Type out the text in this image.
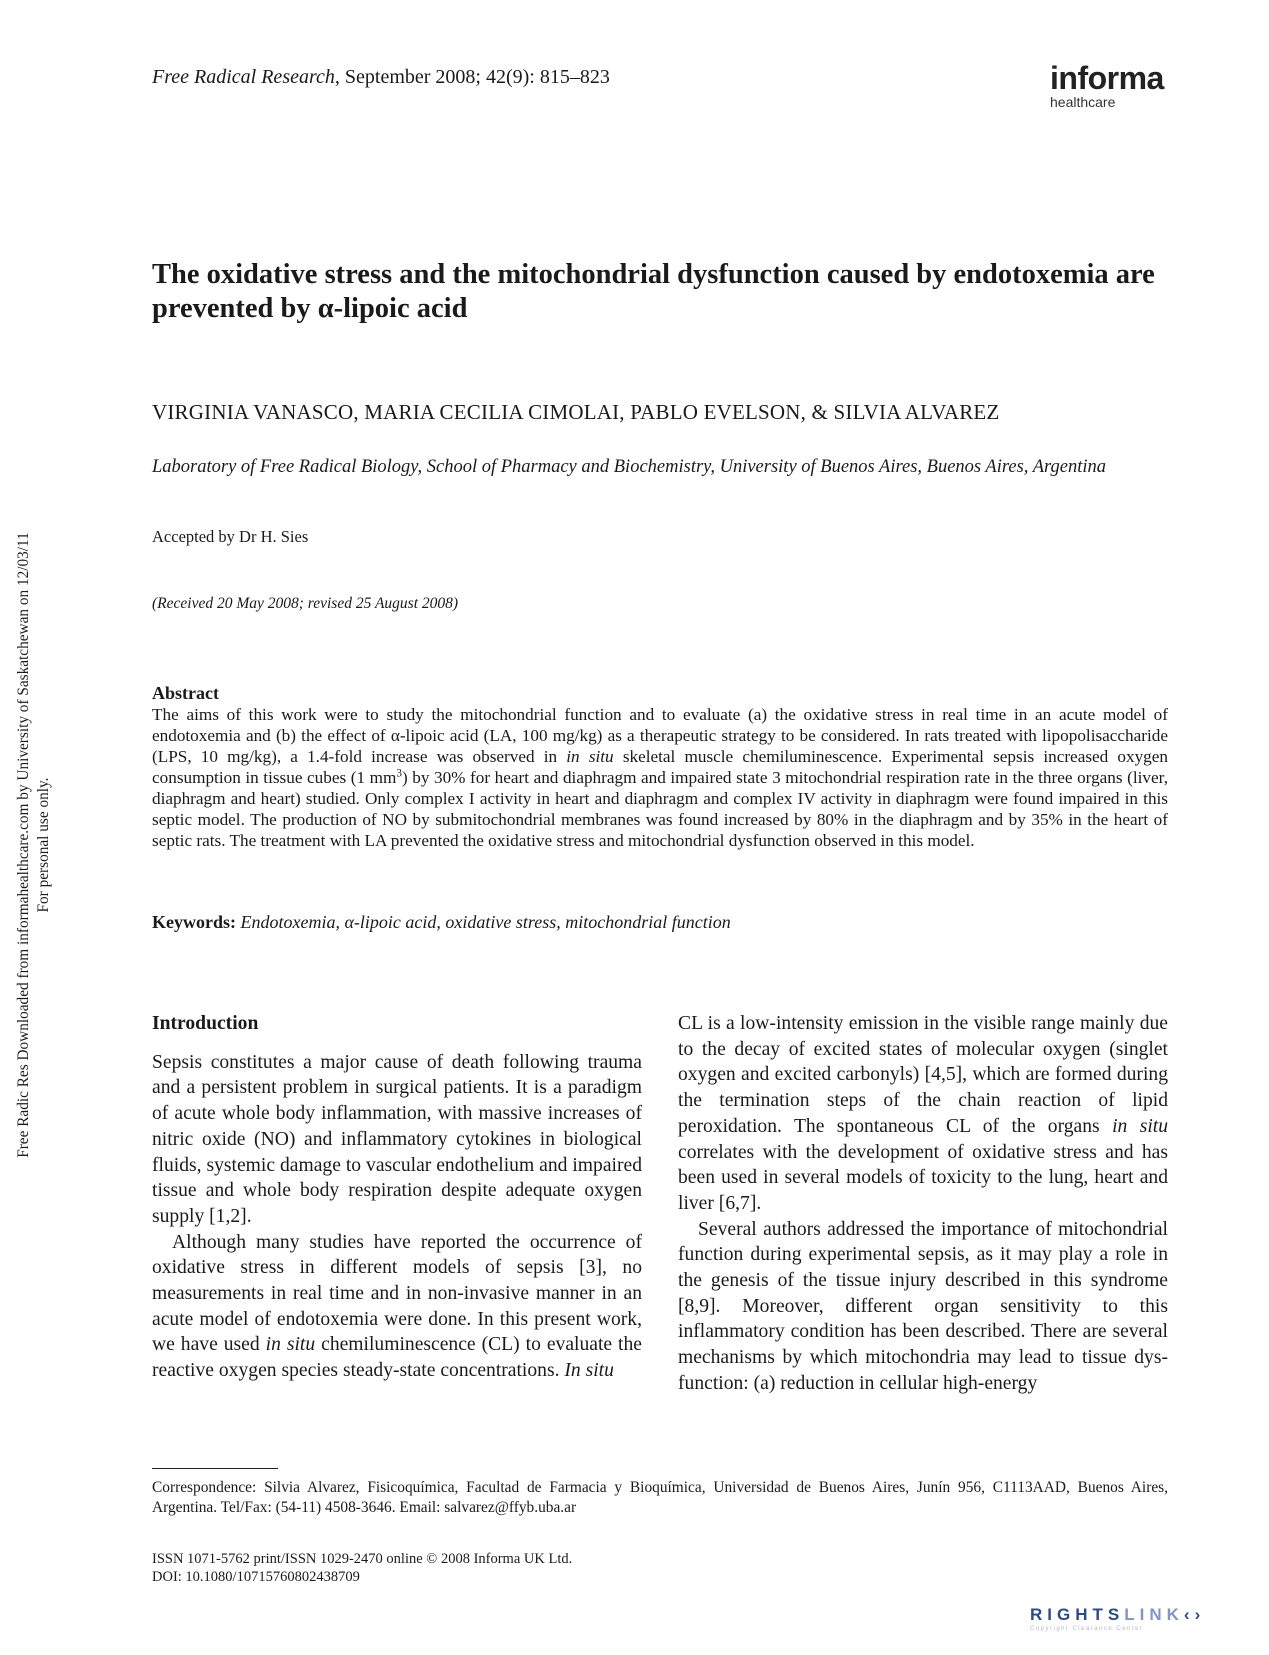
Free Radical Research, September 2008; 42(9): 815–823	informa
healthcare
The oxidative stress and the mitochondrial dysfunction caused by endotoxemia are prevented by α-lipoic acid
VIRGINIA VANASCO, MARIA CECILIA CIMOLAI, PABLO EVELSON, & SILVIA ALVAREZ
Laboratory of Free Radical Biology, School of Pharmacy and Biochemistry, University of Buenos Aires, Buenos Aires, Argentina
Accepted by Dr H. Sies
(Received 20 May 2008; revised 25 August 2008)
Abstract
The aims of this work were to study the mitochondrial function and to evaluate (a) the oxidative stress in real time in an acute model of endotoxemia and (b) the effect of α-lipoic acid (LA, 100 mg/kg) as a therapeutic strategy to be considered. In rats treated with lipopolisaccharide (LPS, 10 mg/kg), a 1.4-fold increase was observed in in situ skeletal muscle chemiluminescence. Experimental sepsis increased oxygen consumption in tissue cubes (1 $mm^3$) by 30% for heart and diaphragm and impaired state 3 mitochondrial respiration rate in the three organs (liver, diaphragm and heart) studied. Only complex I activity in heart and diaphragm and complex IV activity in diaphragm were found impaired in this septic model. The production of NO by submitochondrial membranes was found increased by 80% in the diaphragm and by 35% in the heart of septic rats. The treatment with LA prevented the oxidative stress and mitochondrial dysfunction observed in this model.
Keywords: Endotoxemia, α-lipoic acid, oxidative stress, mitochondrial function
Introduction

Sepsis constitutes a major cause of death following trauma and a persistent problem in surgical patients. It is a paradigm of acute whole body inflammation, with massive increases of nitric oxide (NO) and inflammatory cytokines in biological fluids, systemic damage to vascular endothelium and impaired tissue and whole body respiration despite adequate oxygen supply [1,2].

Although many studies have reported the occurrence of oxidative stress in different models of sepsis [3], no measurements in real time and in non-invasive manner in an acute model of endotoxemia were done. In this present work, we have used in situ chemiluminescence (CL) to evaluate the reactive oxygen species steady-state concentrations. In situ

CL is a low-intensity emission in the visible range mainly due to the decay of excited states of molecular oxygen (singlet oxygen and excited carbonyls) [4,5], which are formed during the termination steps of the chain reaction of lipid peroxidation. The spontaneous CL of the organs in situ correlates with the development of oxidative stress and has been used in several models of toxicity to the lung, heart and liver [6,7].

Several authors addressed the importance of mitochondrial function during experimental sepsis, as it may play a role in the genesis of the tissue injury described in this syndrome [8,9]. Moreover, different organ sensitivity to this inflammatory condition has been described. There are several mechanisms by which mitochondria may lead to tissue dysfunction: (a) reduction in cellular high-energy

Correspondence: Silvia Alvarez, Fisicoquímica, Facultad de Farmacia y Bioquímica, Universidad de Buenos Aires, Junín 956, C1113AAD, Buenos Aires, Argentina. Tel/Fax: (54-11) 4508-3646. Email: salvarez@ffyb.uba.ar
ISSN 1071-5762 print/ISSN 1029-2470 online © 2008 Informa UK Ltd.
DOI: 10.1080/10715760802438709
Free Radic Res Downloaded from informahealthcare.com by University of Saskatchewan on 12/03/11 For personal use only.
RIGHTSLINK‹›
Copyright Clearance Center
